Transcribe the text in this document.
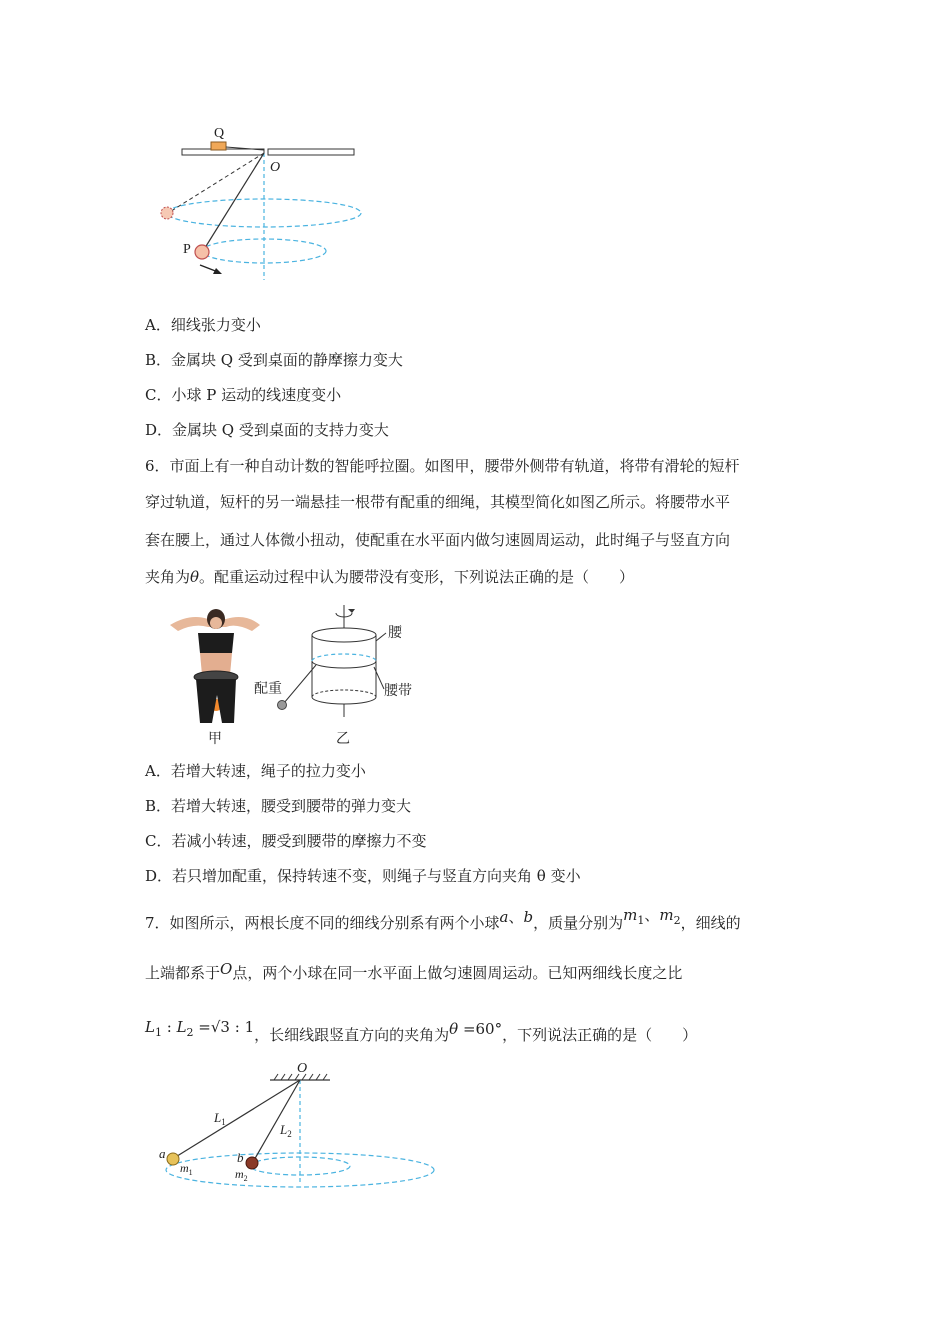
Q
O
P
A．细线张力变小
B．金属块 Q 受到桌面的静摩擦力变大
C．小球 P 运动的线速度变小
D．金属块 Q 受到桌面的支持力变大
6．市面上有一种自动计数的智能呼拉圈。如图甲，腰带外侧带有轨道，将带有滑轮的短杆
穿过轨道，短杆的另一端悬挂一根带有配重的细绳，其模型简化如图乙所示。将腰带水平
套在腰上，通过人体微小扭动，使配重在水平面内做匀速圆周运动，此时绳子与竖直方向
夹角为θ。配重运动过程中认为腰带没有变形，下列说法正确的是（　　）
甲
腰
腰带
配重
乙
A．若增大转速，绳子的拉力变小
B．若增大转速，腰受到腰带的弹力变大
C．若减小转速，腰受到腰带的摩擦力不变
D．若只增加配重，保持转速不变，则绳子与竖直方向夹角 θ 变小
7．如图所示，两根长度不同的细线分别系有两个小球a、b，质量分别为$m_1$、$m_2$，细线的
上端都系于O点，两个小球在同一水平面上做匀速圆周运动。已知两细线长度之比
$L_1$ : $L_2 =√3$ : 1，长细线跟竖直方向的夹角为θ =60°，下列说法正确的是（　　）
O
$L_1$	$L_2$
a
$m_1$
b
$m_2$
